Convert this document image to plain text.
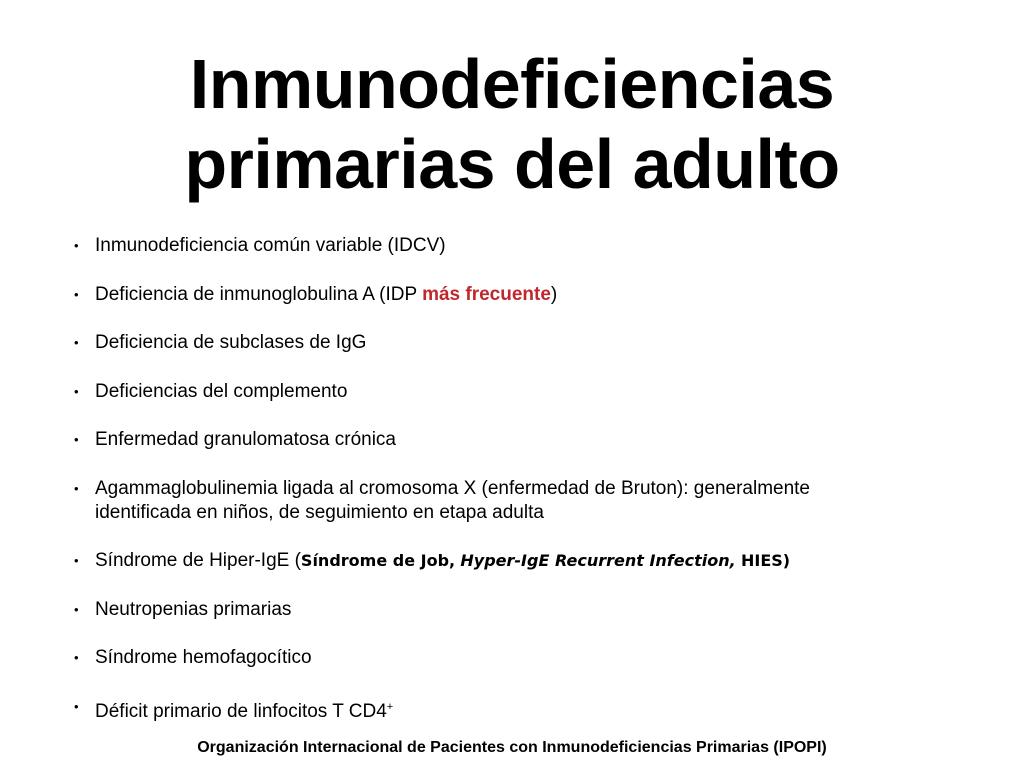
Inmunodeficiencias
primarias del adulto
• Inmunodeficiencia común variable (IDCV)
• Deficiencia de inmunoglobulina A (IDP más frecuente)
• Deficiencia de subclases de IgG
• Deficiencias del complemento
• Enfermedad granulomatosa crónica
• Agammaglobulinemia ligada al cromosoma X (enfermedad de Bruton): generalmente
identificada en niños, de seguimiento en etapa adulta
• Síndrome de Hiper-IgE (Síndrome de Job, Hyper-IgE Recurrent Infection, HIES)
• Neutropenias primarias
• Síndrome hemofagocítico
• Déficit primario de linfocitos T CD4+
Organización Internacional de Pacientes con Inmunodeficiencias Primarias (IPOPI)
